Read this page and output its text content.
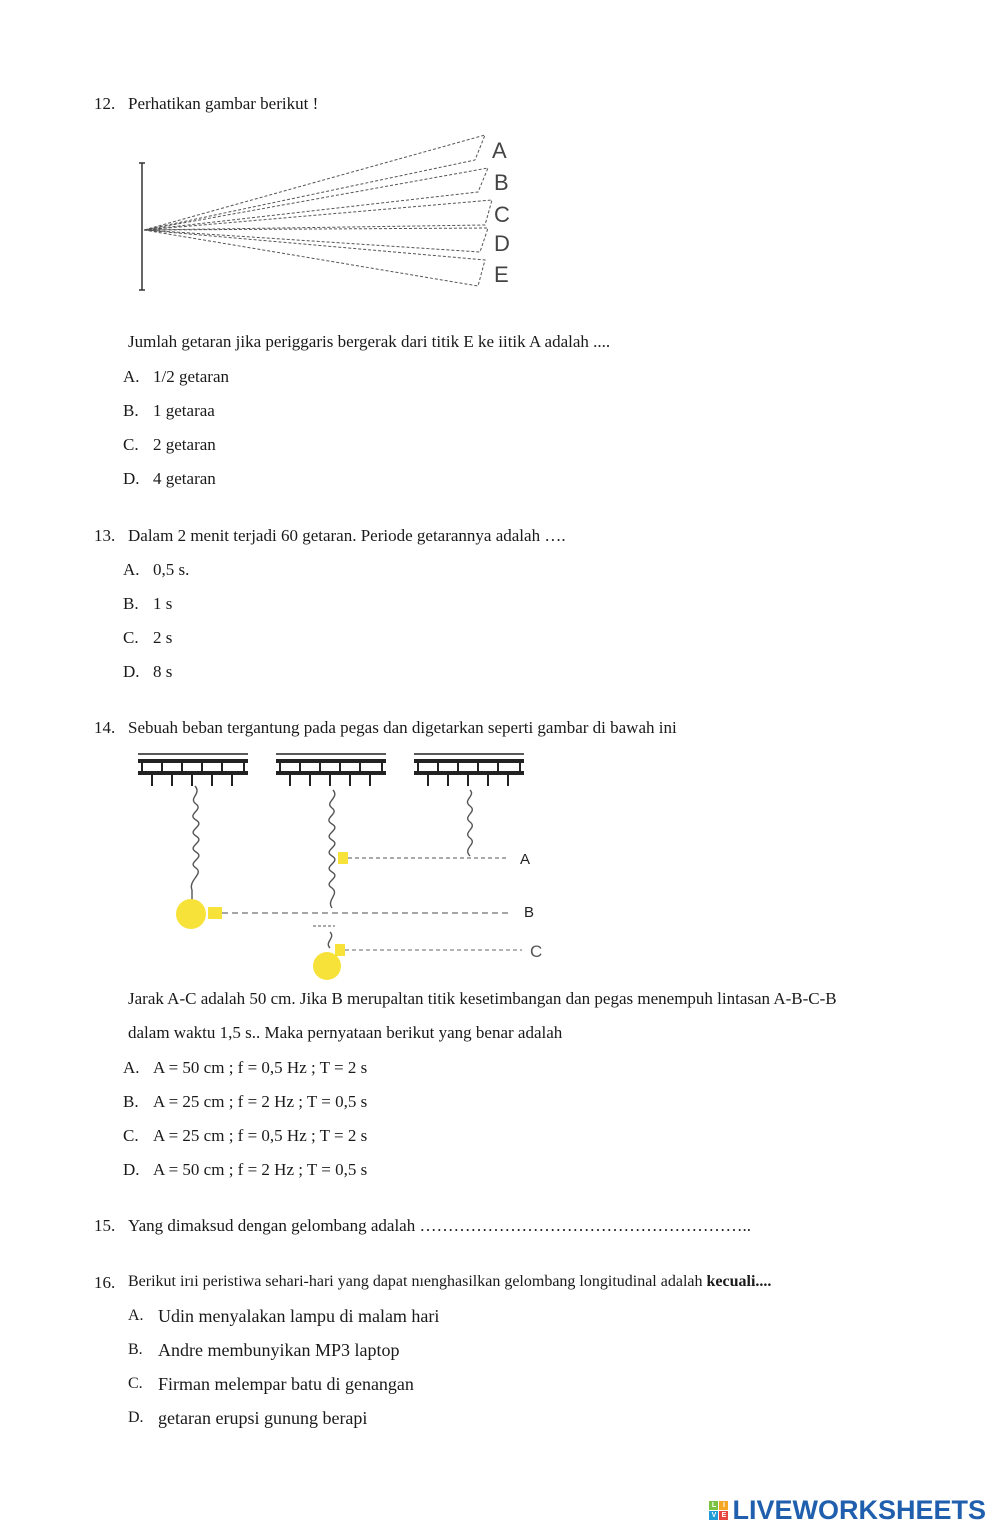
12. Perhatikan gambar berikut !
A
B
C
D
E
Jumlah getaran jika periggaris bergerak dari titik E ke iitik A adalah ....
A. 1/2 getaran
B. 1 getaraa
C. 2 getaran
D. 4 getaran
13. Dalam 2 menit terjadi 60 getaran. Periode getarannya adalah ….
A. 0,5 s.
B. 1 s
C. 2 s
D. 8 s
14. Sebuah beban tergantung pada pegas dan digetarkan seperti gambar di bawah ini
A
B
C
Jarak A-C adalah 50 cm. Jika B merupaltan titik kesetimbangan dan pegas menempuh lintasan A-B-C-B
dalam waktu 1,5 s.. Maka pernyataan berikut yang benar adalah
A. A = 50 cm ; f = 0,5 Hz ; T = 2 s
B. A = 25 cm ; f = 2 Hz ; T = 0,5 s
C. A = 25 cm ; f = 0,5 Hz ; T = 2 s
D. A = 50 cm ; f = 2 Hz ; T = 0,5 s
15. Yang dimaksud dengan gelombang adalah …………………………………………………..
16. Berikut irıi peristiwa sehari-hari yang dapat nıenghasilkan gelombang longitudinal adalah kecuali....
A. Udin menyalakan lampu di malam hari
B. Andre membunyikan MP3 laptop
C. Firman melempar batu di genangan
D. getaran erupsi gunung berapi
L I
V E LIVEWORKSHEETS
